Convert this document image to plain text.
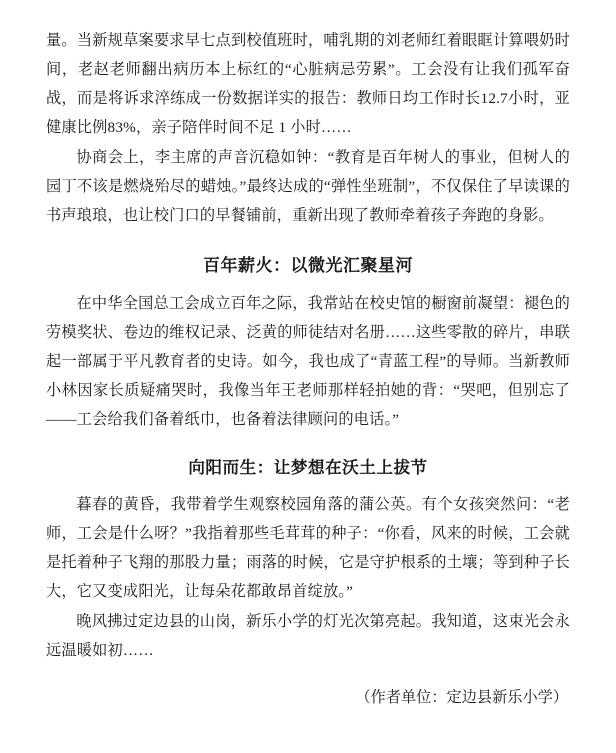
量。当新规草案要求早七点到校值班时，哺乳期的刘老师红着眼眶计算喂奶时间，老赵老师翻出病历本上标红的“心脏病忌劳累”。工会没有让我们孤军奋战，而是将诉求淬练成一份数据详实的报告：教师日均工作时长12.7小时，亚健康比例83%，亲子陪伴时间不足 1 小时……

协商会上，李主席的声音沉稳如钟：“教育是百年树人的事业，但树人的园丁不该是燃烧殆尽的蜡烛。”最终达成的“弹性坐班制”，不仅保住了早读课的书声琅琅，也让校门口的早餐铺前，重新出现了教师牵着孩子奔跑的身影。

百年薪火：以微光汇聚星河

在中华全国总工会成立百年之际，我常站在校史馆的橱窗前凝望：褪色的劳模奖状、卷边的维权记录、泛黄的师徒结对名册……这些零散的碎片，串联起一部属于平凡教育者的史诗。如今，我也成了“青蓝工程”的导师。当新教师小林因家长质疑痛哭时，我像当年王老师那样轻拍她的背：“哭吧，但别忘了——工会给我们备着纸巾，也备着法律顾问的电话。”

向阳而生：让梦想在沃土上拔节

暮春的黄昏，我带着学生观察校园角落的蒲公英。有个女孩突然问：“老师，工会是什么呀？”我指着那些毛茸茸的种子：“你看，风来的时候，工会就是托着种子飞翔的那股力量；雨落的时候，它是守护根系的土壤；等到种子长大，它又变成阳光，让每朵花都敢昂首绽放。”

晚风拂过定边县的山岗，新乐小学的灯光次第亮起。我知道，这束光会永远温暖如初……

（作者单位：定边县新乐小学）
